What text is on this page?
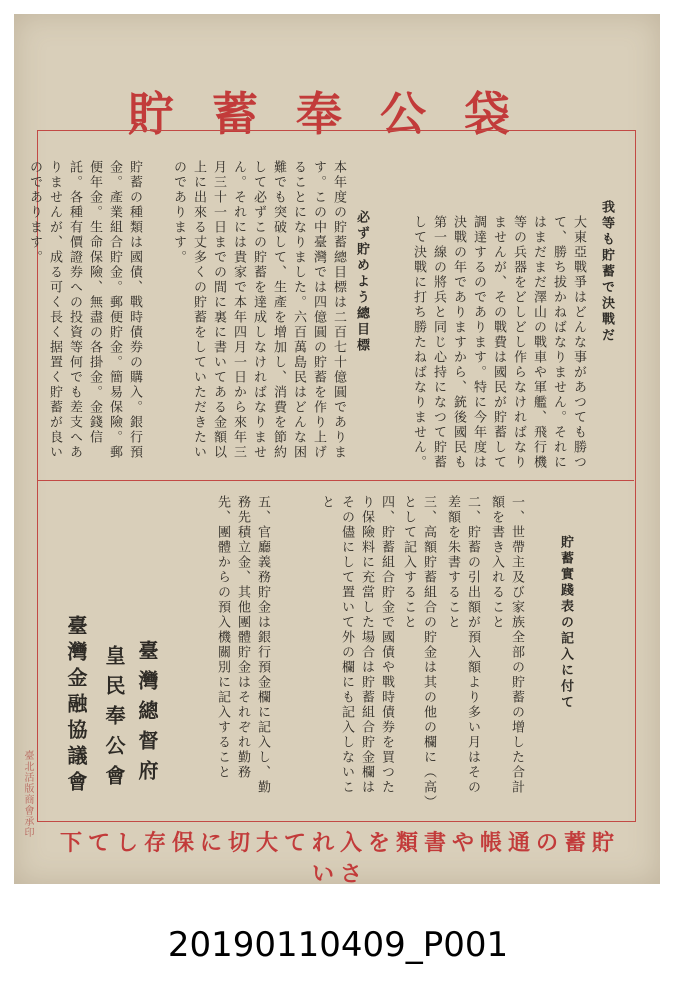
貯蓄奉公袋
我等も貯蓄で決戰だ
大東亞戰爭はどんな事があつても勝つて、勝ち拔かねばなりません。それにはまだまだ澤山の戰車や軍艦、飛行機等の兵器をどしどし作らなければなりませんが、その戰費は國民が貯蓄して調達するのであります。特に今年度は決戰の年でありますから、銃後國民も第一線の將兵と同じ心持になつて貯蓄して決戰に打ち勝たねばなりません。
必ず貯めよう總目標
本年度の貯蓄總目標は二百七十億圓であります。この中臺灣では四億圓の貯蓄を作り上げることになりました。六百萬島民はどんな困難でも突破して、生產を增加し、消費を節約して必ずこの貯蓄を達成しなければなりません。それには貴家で本年四月一日から來年三月三十一日までの間に裏に書いてある金額以上に出來る丈多くの貯蓄をしていただきたいのであります。
貯蓄の種類は國債、戰時債券の購入。銀行預金。產業組合貯金。郵便貯金。簡易保險。郵便年金。生命保險、無盡の各掛金。金錢信託。各種有價證券への投資等何でも差支へありませんが、成る可く長く据置く貯蓄が良いのであります。
貯蓄實踐表の記入に付て
一、世帶主及び家族全部の貯蓄の增した合計額を書き入れること
二、貯蓄の引出額が預入額より多い月はその差額を朱書すること
三、高額貯蓄組合の貯金は其の他の欄に（高）として記入すること
四、貯蓄組合貯金で國債や戰時債券を買つたり保險料に充當した場合は貯蓄組合貯金欄はその儘にして置いて外の欄にも記入しないこと
五、官廳義務貯金は銀行預金欄に記入し、勤務先積立金、其他團體貯金はそれぞれ勤務先、團體からの預入機關別に記入すること
臺灣總督府
皇民奉公會
臺灣金融協議會
臺北活版商會承印
貯蓄の通帳や書類を入れて大切に保存して下さい
20190110409_P001
